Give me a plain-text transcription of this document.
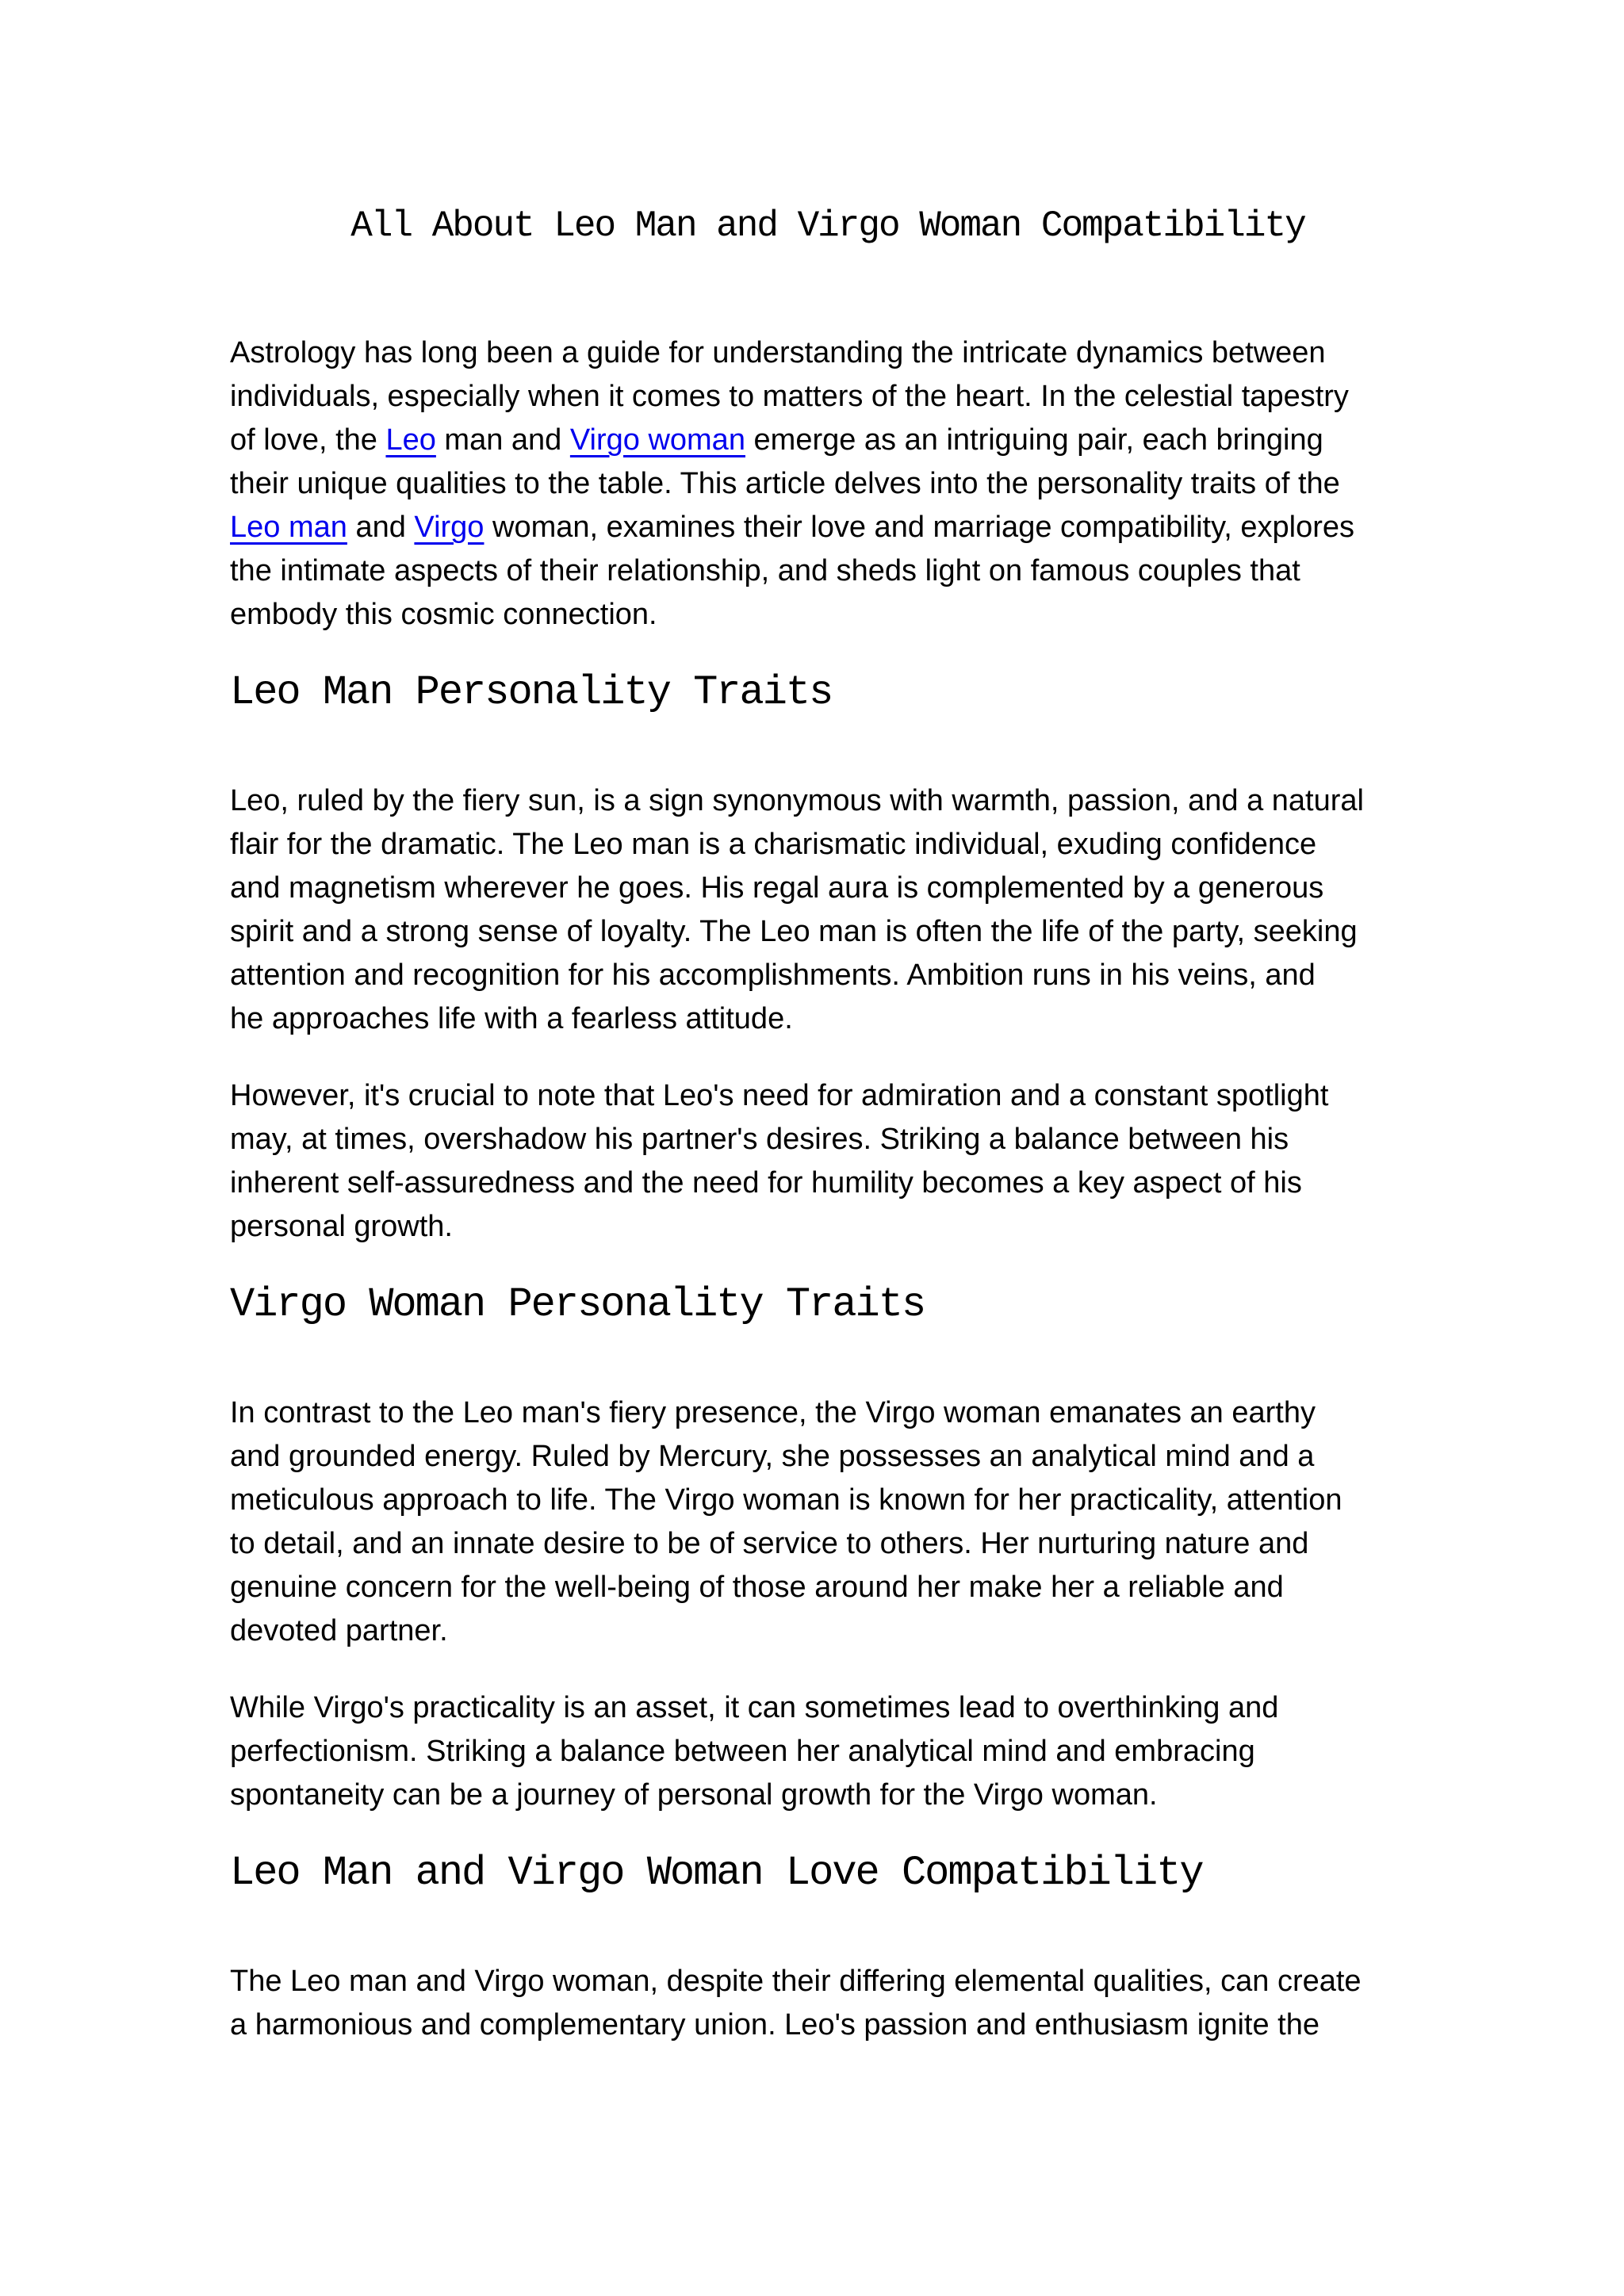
All About Leo Man and Virgo Woman Compatibility
Astrology has long been a guide for understanding the intricate dynamics between
individuals, especially when it comes to matters of the heart. In the celestial tapestry
of love, the Leo man and Virgo woman emerge as an intriguing pair, each bringing
their unique qualities to the table. This article delves into the personality traits of the
Leo man and Virgo woman, examines their love and marriage compatibility, explores
the intimate aspects of their relationship, and sheds light on famous couples that
embody this cosmic connection.
Leo Man Personality Traits
Leo, ruled by the fiery sun, is a sign synonymous with warmth, passion, and a natural
flair for the dramatic. The Leo man is a charismatic individual, exuding confidence
and magnetism wherever he goes. His regal aura is complemented by a generous
spirit and a strong sense of loyalty. The Leo man is often the life of the party, seeking
attention and recognition for his accomplishments. Ambition runs in his veins, and
he approaches life with a fearless attitude.
However, it's crucial to note that Leo's need for admiration and a constant spotlight
may, at times, overshadow his partner's desires. Striking a balance between his
inherent self-assuredness and the need for humility becomes a key aspect of his
personal growth.
Virgo Woman Personality Traits
In contrast to the Leo man's fiery presence, the Virgo woman emanates an earthy
and grounded energy. Ruled by Mercury, she possesses an analytical mind and a
meticulous approach to life. The Virgo woman is known for her practicality, attention
to detail, and an innate desire to be of service to others. Her nurturing nature and
genuine concern for the well-being of those around her make her a reliable and
devoted partner.
While Virgo's practicality is an asset, it can sometimes lead to overthinking and
perfectionism. Striking a balance between her analytical mind and embracing
spontaneity can be a journey of personal growth for the Virgo woman.
Leo Man and Virgo Woman Love Compatibility
The Leo man and Virgo woman, despite their differing elemental qualities, can create
a harmonious and complementary union. Leo's passion and enthusiasm ignite the
